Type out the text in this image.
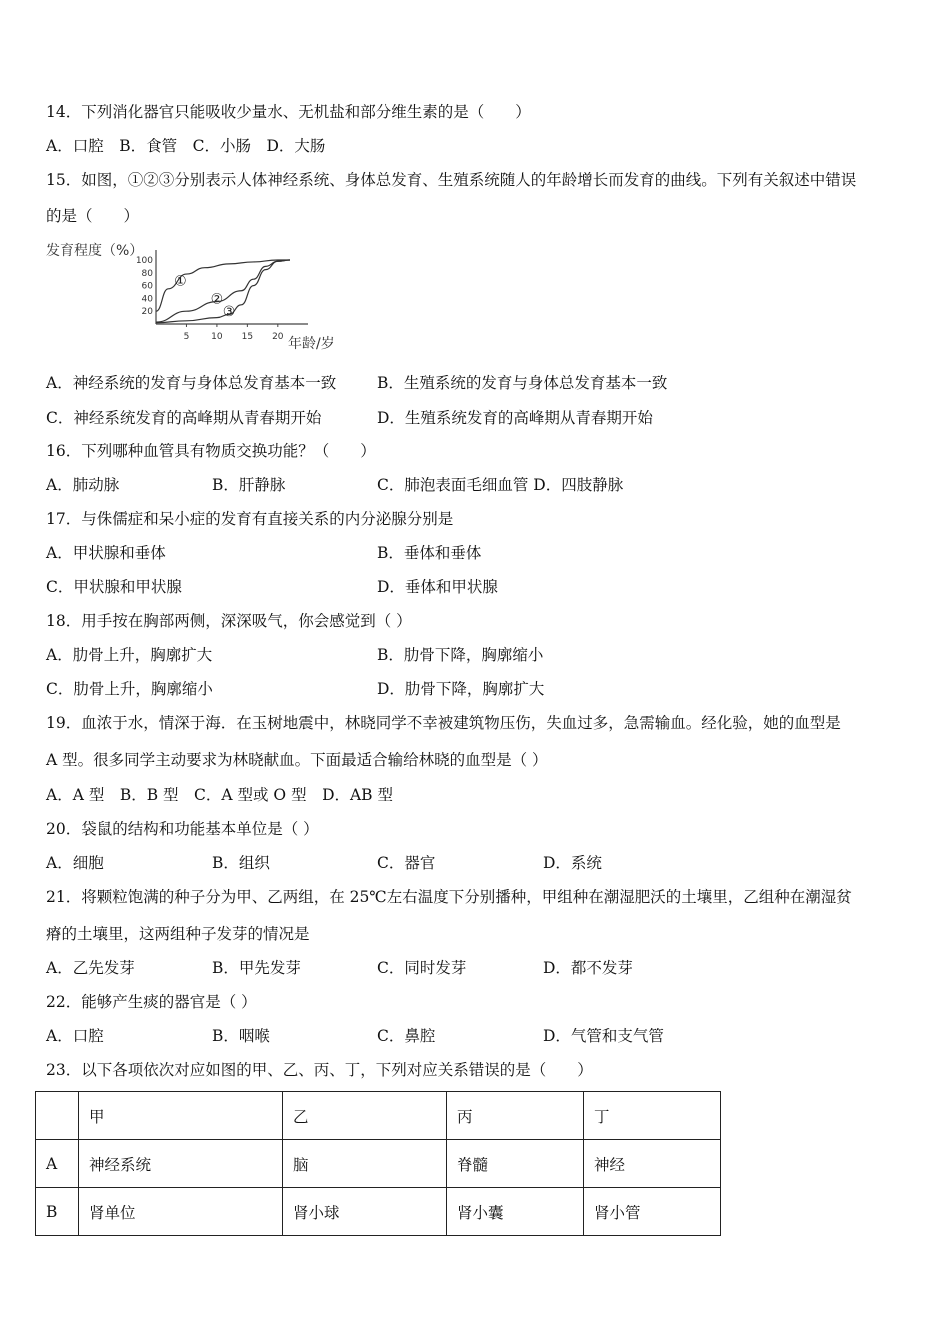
14．下列消化器官只能吸收少量水、无机盐和部分维生素的是（　　）
A．口腔　B．食管　C．小肠　D．大肠
15．如图，①②③分别表示人体神经系统、身体总发育、生殖系统随人的年龄增长而发育的曲线。下列有关叙述中错误
的是（　　）
发育程度（%）
年龄/岁
100
80
60
40
20
5 10 15 20
①
②
③
A．神经系统的发育与身体总发育基本一致	B．生殖系统的发育与身体总发育基本一致
C．神经系统发育的高峰期从青春期开始	D．生殖系统发育的高峰期从青春期开始
16．下列哪种血管具有物质交换功能？（　　）
A．肺动脉	B．肝静脉	C．肺泡表面毛细血管 D．四肢静脉
17．与侏儒症和呆小症的发育有直接关系的内分泌腺分别是
A．甲状腺和垂体	B．垂体和垂体
C．甲状腺和甲状腺	D．垂体和甲状腺
18．用手按在胸部两侧，深深吸气，你会感觉到（ ）
A．肋骨上升，胸廓扩大	B．肋骨下降，胸廓缩小
C．肋骨上升，胸廓缩小	D．肋骨下降，胸廓扩大
19．血浓于水，情深于海．在玉树地震中，林晓同学不幸被建筑物压伤，失血过多，急需输血。经化验，她的血型是
A 型。很多同学主动要求为林晓献血。下面最适合输给林晓的血型是（ ）
A．A 型　B．B 型　C．A 型或 O 型　D．AB 型
20．袋鼠的结构和功能基本单位是（ ）
A．细胞	B．组织	C．器官	D．系统
21．将颗粒饱满的种子分为甲、乙两组，在 25℃左右温度下分别播种，甲组种在潮湿肥沃的土壤里，乙组种在潮湿贫
瘠的土壤里，这两组种子发芽的情况是
A．乙先发芽	B．甲先发芽	C．同时发芽	D．都不发芽
22．能够产生痰的器官是（ ）
A．口腔	B．咽喉	C．鼻腔	D．气管和支气管
23．以下各项依次对应如图的甲、乙、丙、丁，下列对应关系错误的是（　　）
	甲	乙	丙	丁
A	神经系统	脑	脊髓	神经
B	肾单位	肾小球	肾小囊	肾小管
